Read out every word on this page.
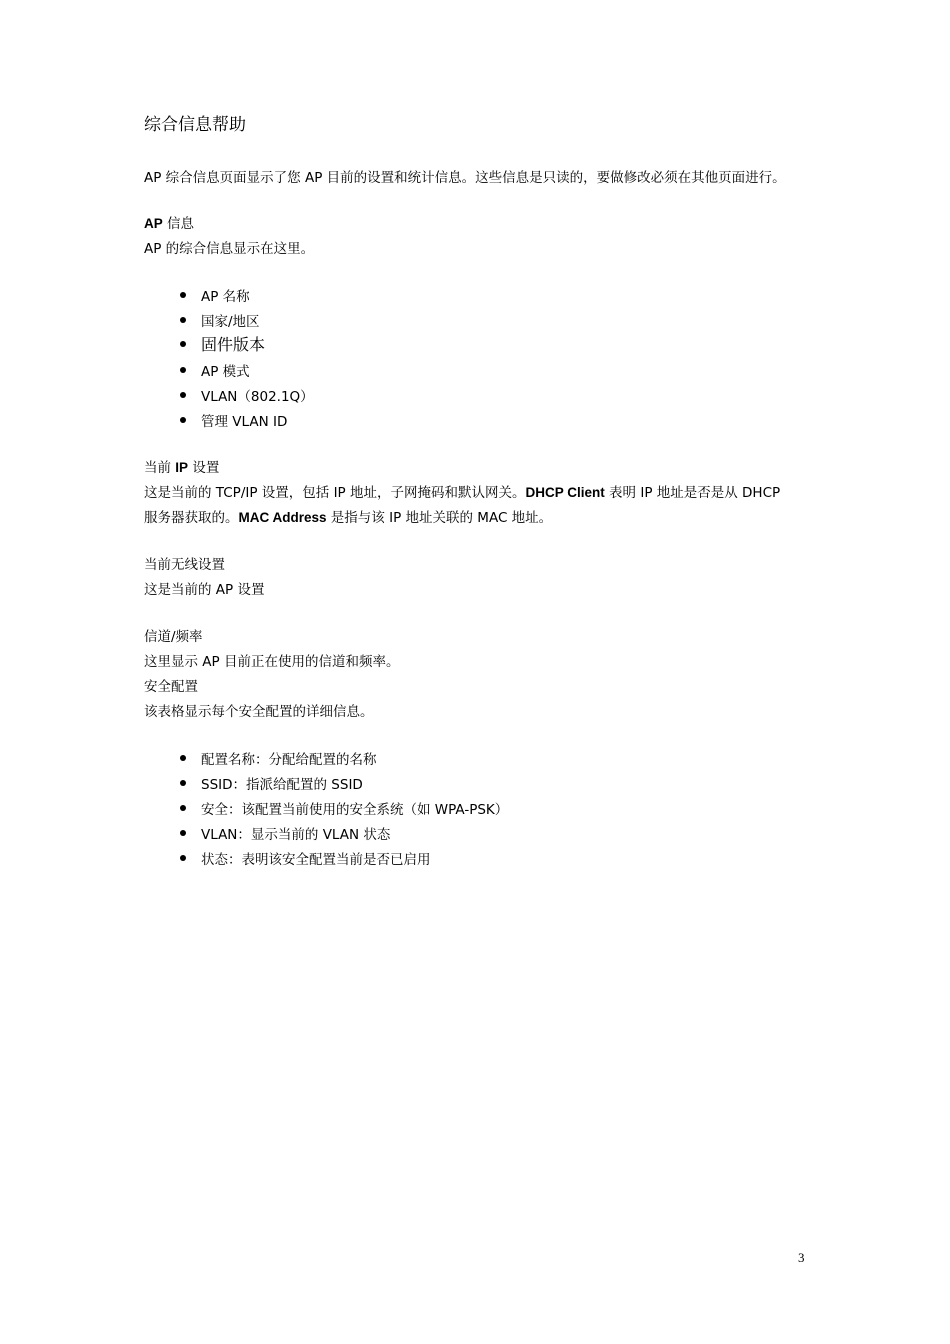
综合信息帮助
AP 综合信息页面显示了您 AP 目前的设置和统计信息。这些信息是只读的，要做修改必须在其他页面进行。
AP 信息
AP 的综合信息显示在这里。
AP 名称
国家/地区
固件版本
AP 模式
VLAN（802.1Q）
管理 VLAN ID
当前 IP 设置
这是当前的 TCP/IP 设置，包括 IP 地址，子网掩码和默认网关。DHCP Client 表明 IP 地址是否是从 DHCP
服务器获取的。MAC Address 是指与该 IP 地址关联的 MAC 地址。
当前无线设置
这是当前的 AP 设置
信道/频率
这里显示 AP 目前正在使用的信道和频率。
安全配置
该表格显示每个安全配置的详细信息。
配置名称：分配给配置的名称
SSID：指派给配置的 SSID
安全：该配置当前使用的安全系统（如 WPA-PSK）
VLAN：显示当前的 VLAN 状态
状态：表明该安全配置当前是否已启用
3
